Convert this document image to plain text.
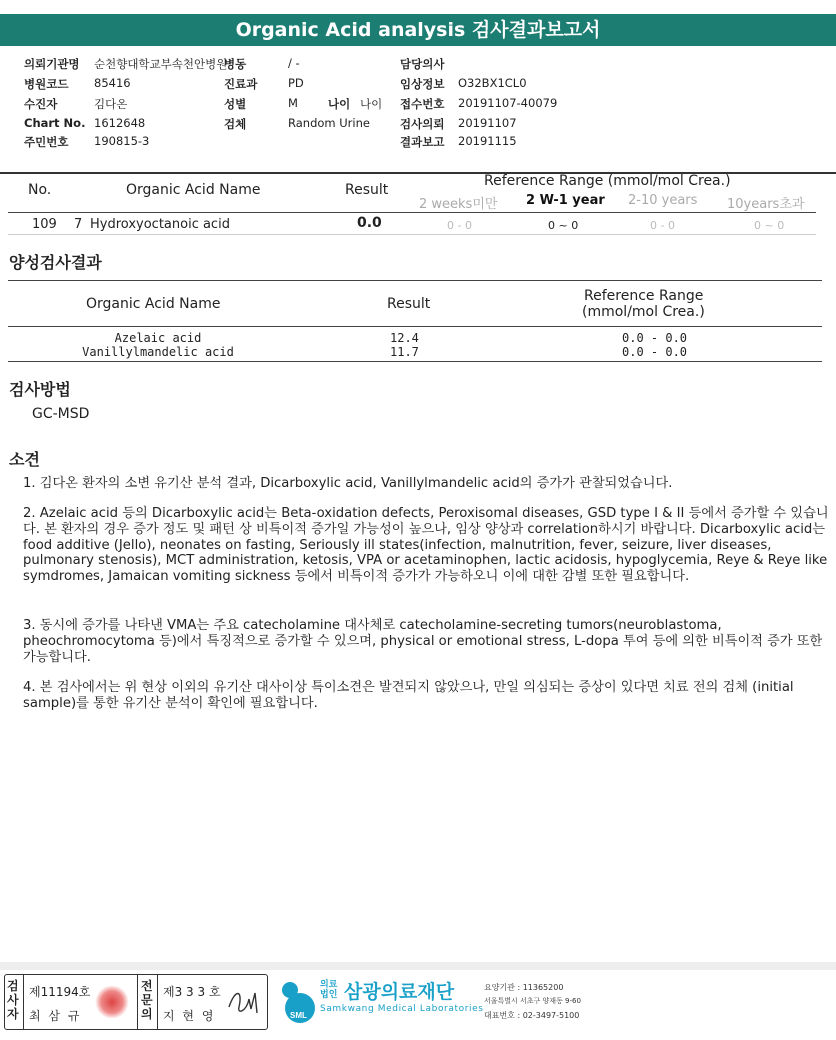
Organic Acid analysis 검사결과보고서
의뢰기관명 순천향대학교부속천안병원
병동	/ -	담당의사
병원코드 85416	진료과	PD	임상정보 O32BX1CL0
수진자	김다온	성별	M	나이 나이 접수번호 20191107-40079
Chart No. 1612648	검체	Random Urine	검사의뢰 20191107
주민번호 190815-3	결과보고 20191115
No.	Organic Acid Name	Result
Reference Range (mmol/mol Crea.)
2 weeks미만 2 W-1 year 2-10 years 10years초과
109 7 Hydroxyoctanoic acid	0.0	0 - 0	0 ~ 0	0 - 0	0 ~ 0
양성검사결과
Organic Acid Name	Result	Reference Range
(mmol/mol Crea.)
Azelaic acid	12.4	0.0 - 0.0
Vanillylmandelic acid	11.7	0.0 - 0.0
검사방법
GC-MSD
소견
1. 김다온 환자의 소변 유기산 분석 결과, Dicarboxylic acid, Vanillylmandelic acid의 증가가 관찰되었습니다.
2. Azelaic acid 등의 Dicarboxylic acid는 Beta-oxidation defects, Peroxisomal diseases, GSD type I & II 등에서 증가할 수 있습니다. 본 환자의 경우 증가 정도 및 패턴 상 비특이적 증가일 가능성이 높으나, 임상 양상과 correlation하시기 바랍니다. Dicarboxylic acid는 food additive (Jello), neonates on fasting, Seriously ill states(infection, malnutrition, fever, seizure, liver diseases, pulmonary stenosis), MCT administration, ketosis, VPA or acetaminophen, lactic acidosis, hypoglycemia, Reye & Reye like symdromes, Jamaican vomiting sickness 등에서 비특이적 증가가 가능하오니 이에 대한 감별 또한 필요합니다.
3. 동시에 증가를 나타낸 VMA는 주요 catecholamine 대사체로 catecholamine-secreting tumors(neuroblastoma, pheochromocytoma 등)에서 특징적으로 증가할 수 있으며, physical or emotional stress, L-dopa 투여 등에 의한 비특이적 증가 또한 가능합니다.
4. 본 검사에서는 위 현상 이외의 유기산 대사이상 특이소견은 발견되지 않았으나, 만일 의심되는 증상이 있다면 치료 전의 검체 (initial sample)를 통한 유기산 분석이 확인에 필요합니다.
검사자
제11194호
최 삼 규
전문의
제3 3 3 호
지 현 영	SML
의료
법인 삼광의료재단
Samkwang Medical Laboratories
요양기관 : 11365200
서울특별시 서초구 양재동 9-60
대표번호 : 02-3497-5100
